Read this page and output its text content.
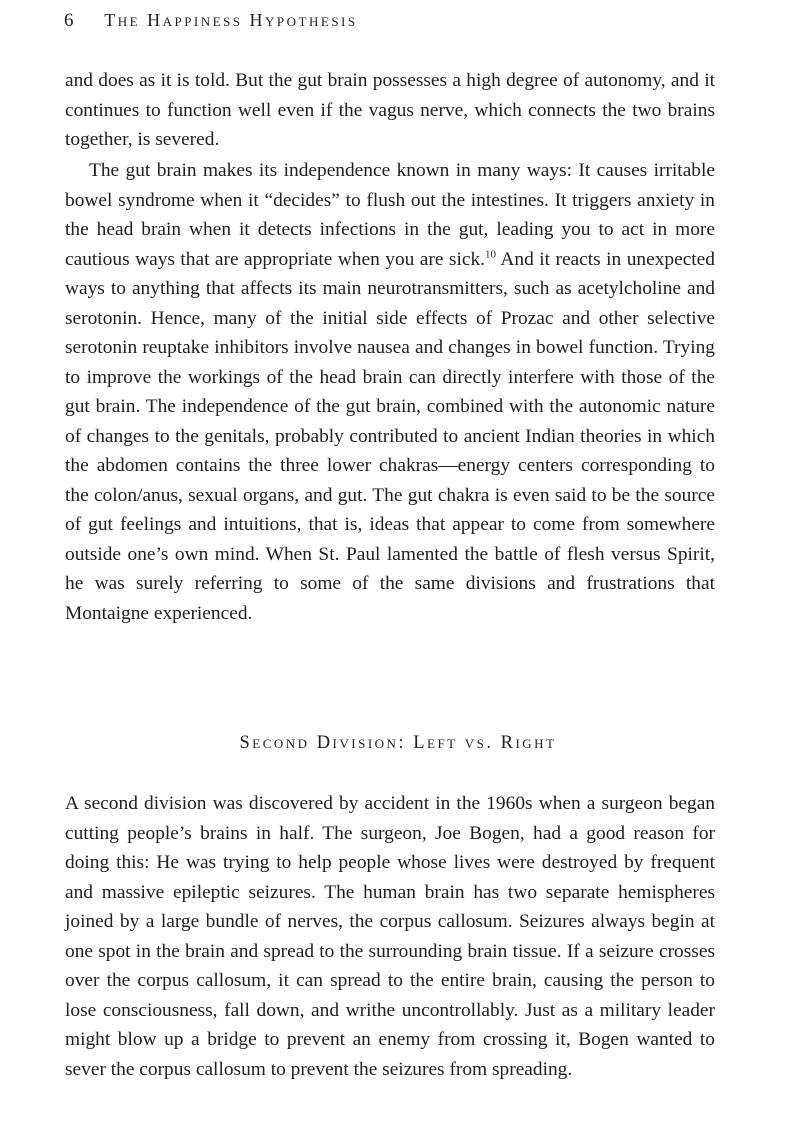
6 The Happiness Hypothesis

and does as it is told. But the gut brain possesses a high degree of autonomy, and it continues to function well even if the vagus nerve, which connects the two brains together, is severed.

The gut brain makes its independence known in many ways: It causes irritable bowel syndrome when it “decides” to flush out the intestines. It triggers anxiety in the head brain when it detects infections in the gut, leading you to act in more cautious ways that are appropriate when you are sick.$^{10}$ And it reacts in unexpected ways to anything that affects its main neurotransmitters, such as acetylcholine and serotonin. Hence, many of the initial side effects of Prozac and other selective serotonin reuptake inhibitors involve nausea and changes in bowel function. Trying to improve the workings of the head brain can directly interfere with those of the gut brain. The independence of the gut brain, combined with the autonomic nature of changes to the genitals, probably contributed to ancient Indian theories in which the abdomen contains the three lower chakras—energy centers corresponding to the colon/anus, sexual organs, and gut. The gut chakra is even said to be the source of gut feelings and intuitions, that is, ideas that appear to come from somewhere outside one’s own mind. When St. Paul lamented the battle of flesh versus Spirit, he was surely referring to some of the same divisions and frustrations that Montaigne experienced.

Second Division: Left vs. Right

A second division was discovered by accident in the 1960s when a surgeon began cutting people’s brains in half. The surgeon, Joe Bogen, had a good reason for doing this: He was trying to help people whose lives were destroyed by frequent and massive epileptic seizures. The human brain has two separate hemispheres joined by a large bundle of nerves, the corpus callosum. Seizures always begin at one spot in the brain and spread to the surrounding brain tissue. If a seizure crosses over the corpus callosum, it can spread to the entire brain, causing the person to lose consciousness, fall down, and writhe uncontrollably. Just as a military leader might blow up a bridge to prevent an enemy from crossing it, Bogen wanted to sever the corpus callosum to prevent the seizures from spreading.
